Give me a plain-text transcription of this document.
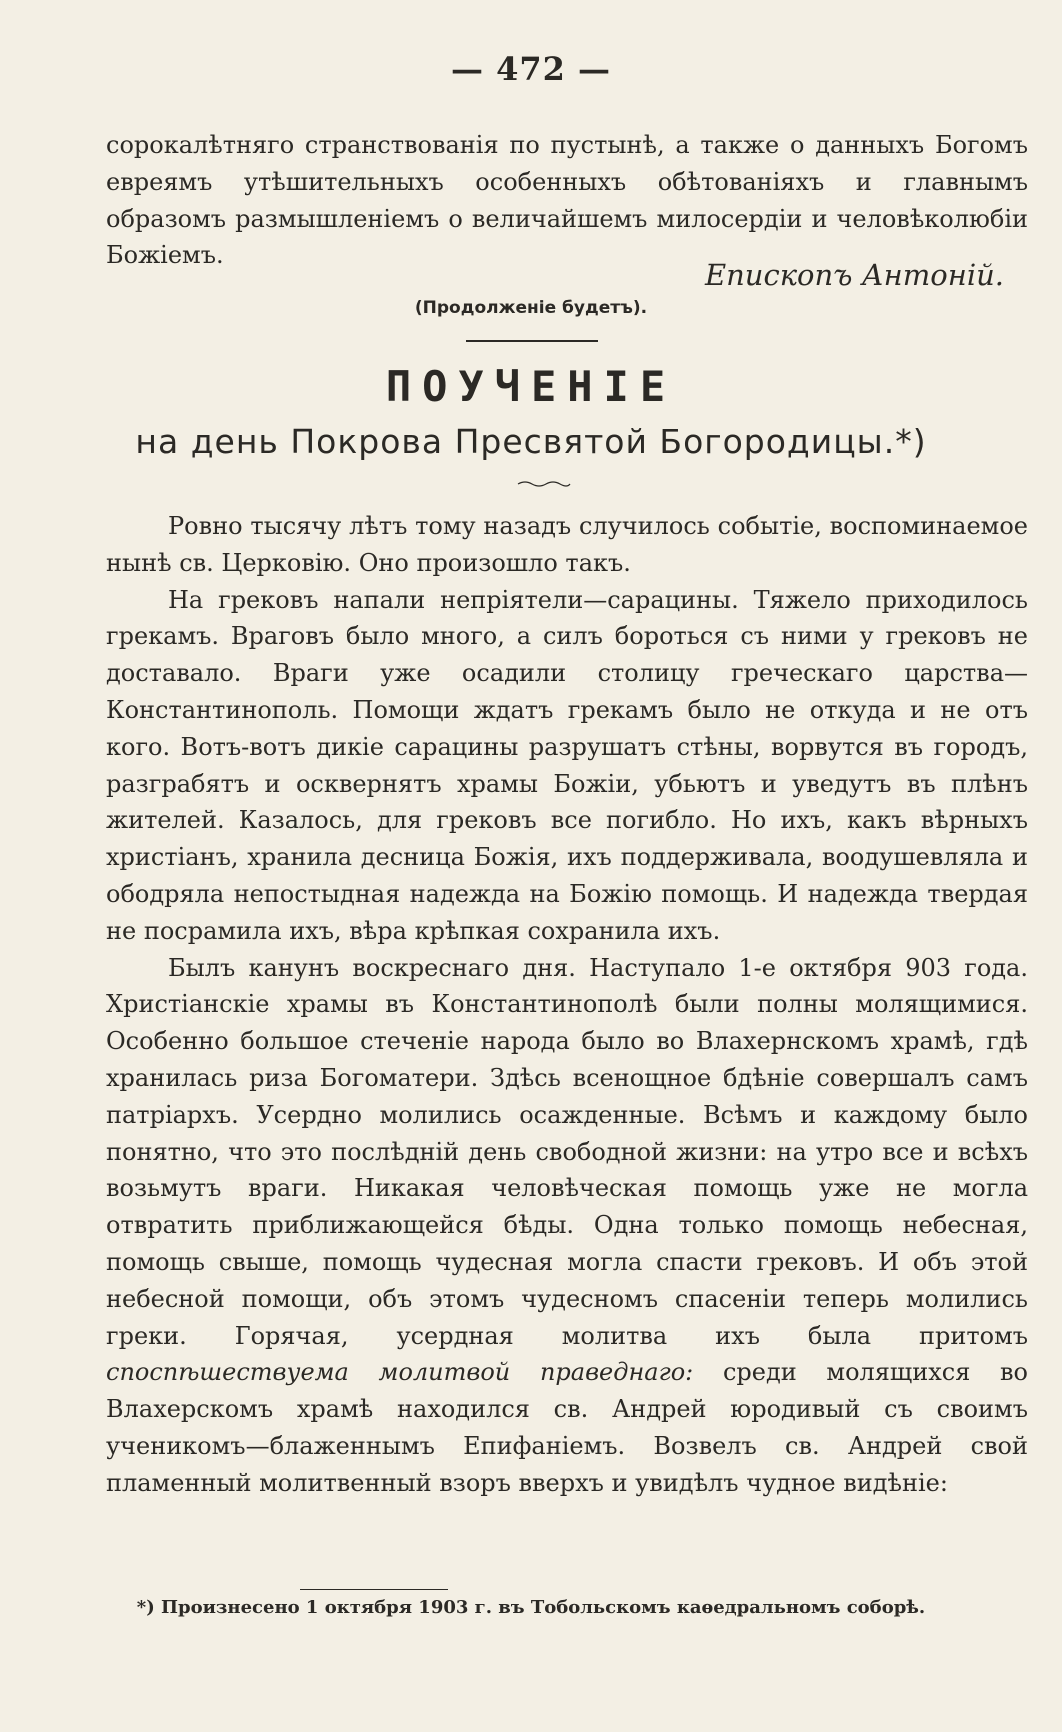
— 472 —

сорокалѣтняго странствованія по пустынѣ, а также о данныхъ Богомъ евреямъ утѣшительныхъ особенныхъ обѣтованіяхъ и главнымъ образомъ размышленіемъ о величайшемъ милосердіи и человѣколюбіи Божіемъ.

Епископъ Антоній.
(Продолженіе будетъ).
ПОУЧЕНІЕ
на день Покрова Пресвятой Богородицы.*)

Ровно тысячу лѣтъ тому назадъ случилось событіе, воспоминаемое нынѣ св. Церковію. Оно произошло такъ.

На грековъ напали непріятели—сарацины. Тяжело приходилось грекамъ. Враговъ было много, а силъ бороться съ ними у грековъ не доставало. Враги уже осадили столицу греческаго царства—Константинополь. Помощи ждатъ грекамъ было не откуда и не отъ кого. Вотъ-вотъ дикіе сарацины разрушатъ стѣны, ворвутся въ городъ, разграбятъ и осквернятъ храмы Божіи, убьютъ и уведутъ въ плѣнъ жителей. Казалось, для грековъ все погибло. Но ихъ, какъ вѣрныхъ христіанъ, хранила десница Божія, ихъ поддерживала, воодушевляла и ободряла непостыдная надежда на Божію помощь. И надежда твердая не посрамила ихъ, вѣра крѣпкая сохранила ихъ.

Былъ канунъ воскреснаго дня. Наступало 1-е октября 903 года. Христіанскіе храмы въ Константинополѣ были полны молящимися. Особенно большое стеченіе народа было во Влахернскомъ храмѣ, гдѣ хранилась риза Богоматери. Здѣсь всенощное бдѣніе совершалъ самъ патріархъ. Усердно молились осажденные. Всѣмъ и каждому было понятно, что это послѣдній день свободной жизни: на утро все и всѣхъ возьмутъ враги. Никакая человѣческая помощь уже не могла отвратить приближающейся бѣды. Одна только помощь небесная, помощь свыше, помощь чудесная могла спасти грековъ. И объ этой небесной помощи, объ этомъ чудесномъ спасеніи теперь молились греки. Горячая, усердная молитва ихъ была притомъ споспѣшествуема молитвой праведнаго: среди молящихся во Влахерскомъ храмѣ находился св. Андрей юродивый съ своимъ ученикомъ—блаженнымъ Епифаніемъ. Возвелъ св. Андрей свой пламенный молитвенный взоръ вверхъ и увидѣлъ чудное видѣніе:

*) Произнесено 1 октября 1903 г. въ Тобольскомъ каѳедральномъ соборѣ.
